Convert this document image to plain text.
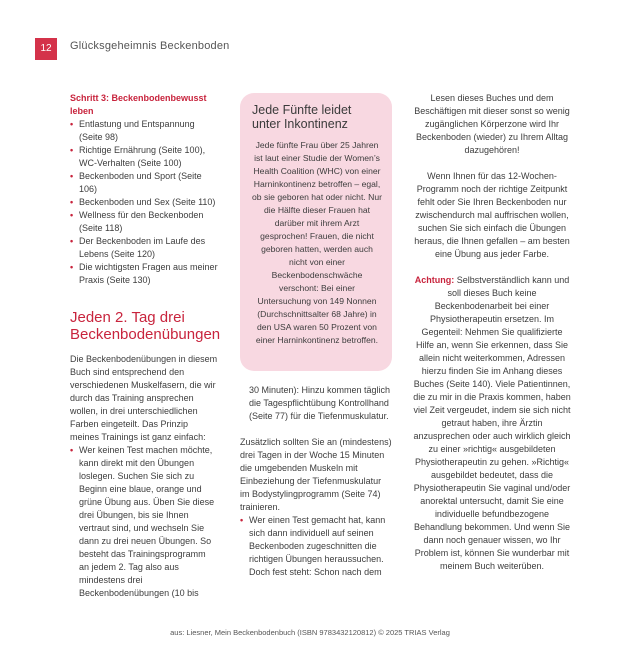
12	Glücksgeheimnis Beckenboden

Schritt 3: Beckenbodenbewusst leben

• Entlastung und Entspannung (Seite 98)
• Richtige Ernährung (Seite 100), WC-Verhalten (Seite 100)
• Beckenboden und Sport (Seite 106)
• Beckenboden und Sex (Seite 110)
• Wellness für den Beckenboden (Seite 118)
• Der Beckenboden im Laufe des Lebens (Seite 120)
• Die wichtigsten Fragen aus meiner Praxis (Seite 130)
Jeden 2. Tag drei Beckenbodenübungen

Die Beckenbodenübungen in diesem Buch sind entsprechend den verschiedenen Muskelfasern, die wir durch das Training ansprechen wollen, in drei unterschiedlichen Farben eingeteilt. Das Prinzip meines Trainings ist ganz einfach:

• Wer keinen Test machen möchte, kann direkt mit den Übungen loslegen. Suchen Sie sich zu Beginn eine blaue, orange und grüne Übung aus. Üben Sie diese drei Übungen, bis sie Ihnen vertraut sind, und wechseln Sie dann zu drei neuen Übungen. So besteht das Trainingsprogramm an jedem 2. Tag also aus mindestens drei Beckenbodenübungen (10 bis
Jede Fünfte leidet unter Inkontinenz

Jede fünfte Frau über 25 Jahren ist laut einer Studie der Women’s Health Coalition (WHC) von einer Harninkontinenz betroffen – egal, ob sie geboren hat oder nicht. Nur die Hälfte dieser Frauen hat darüber mit ihrem Arzt gesprochen! Frauen, die nicht geboren hatten, werden auch nicht von einer Beckenbodenschwäche verschont: Bei einer Untersuchung von 149 Nonnen (Durchschnittsalter 68 Jahre) in den USA waren 50 Prozent von einer Harninkontinenz betroffen.

30 Minuten): Hinzu kommen täglich die Tagespflichtübung Kontrollhand (Seite 77) für die Tiefenmuskulatur.

Zusätzlich sollten Sie an (mindestens) drei Tagen in der Woche 15 Minuten die umgebenden Muskeln mit Einbeziehung der Tiefenmuskulatur im Bodystylingprogramm (Seite 74) trainieren.

• Wer einen Test gemacht hat, kann sich dann individuell auf seinen Beckenboden zugeschnitten die richtigen Übungen heraussuchen. Doch fest steht: Schon nach dem

Lesen dieses Buches und dem Beschäftigen mit dieser sonst so wenig zugänglichen Körperzone wird Ihr Beckenboden (wieder) zu Ihrem Alltag dazugehören!

Wenn Ihnen für das 12-Wochen-Programm noch der richtige Zeitpunkt fehlt oder Sie Ihren Beckenboden nur zwischendurch mal auffrischen wollen, suchen Sie sich einfach die Übungen heraus, die Ihnen gefallen – am besten eine Übung aus jeder Farbe.

Achtung: Selbstverständlich kann und soll dieses Buch keine Beckenbodenarbeit bei einer Physiotherapeutin ersetzen. Im Gegenteil: Nehmen Sie qualifizierte Hilfe an, wenn Sie erkennen, dass Sie allein nicht weiterkommen, Adressen hierzu finden Sie im Anhang dieses Buches (Seite 140). Viele Patientinnen, die zu mir in die Praxis kommen, haben viel Zeit vergeudet, indem sie sich nicht getraut haben, ihre Ärztin anzusprechen oder auch wirklich gleich zu einer »richtig« ausgebildeten Physiotherapeutin zu gehen. »Richtig« ausgebildet bedeutet, dass die Physiotherapeutin Sie vaginal und/oder anorektal untersucht, damit Sie eine individuelle befundbezogene Behandlung bekommen. Und wenn Sie dann noch genauer wissen, wo Ihr Problem ist, können Sie wunderbar mit meinem Buch weiterüben.

aus: Liesner, Mein Beckenbodenbuch (ISBN 9783432120812) © 2025 TRIAS Verlag
